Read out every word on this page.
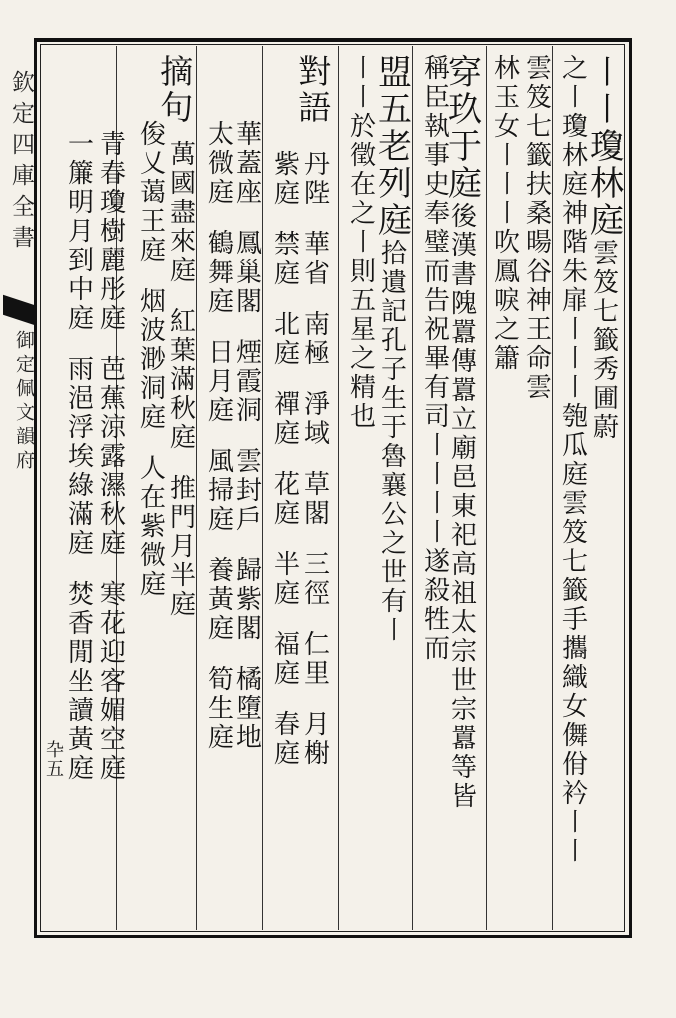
欽定四庫全書
御定佩文韻府
卆五
〡〡瓊林庭雲笈七籤秀圃蔚
之〡瓊林庭神階朱扉〡〡〡匏瓜庭雲笈七籤手攜織女儛佾衿〡〡
雲笈七籤扶桑暘谷神王命雲
林玉女〡〡〡吹鳳唳之簫
穿玖于庭後漢書隗囂傳囂立廟邑東祀高祖太宗世宗囂等皆
稱臣執事史奉璧而告祝畢有司〡〡〡〡遂殺牲而
盟五老列庭拾遺記孔子生于魯襄公之世有〡
〡〡於徵在之〡則五星之精也
對語
丹陛華省南極淨域草閣三徑仁里月榭
紫庭禁庭北庭禪庭花庭半庭福庭春庭
華蓋座鳳巢閣煙霞洞雲封戶歸紫閣橘墮地
太微庭鶴舞庭日月庭風掃庭養黃庭筍生庭
摘句
萬國盡來庭紅葉滿秋庭推門月半庭
俊乂蔼王庭烟波渺洞庭人在紫微庭
青春瓊樹麗彤庭芭蕉涼露濕秋庭寒花迎客媚空庭
一簾明月到中庭雨浥浮埃綠滿庭焚香閒坐讀黃庭
